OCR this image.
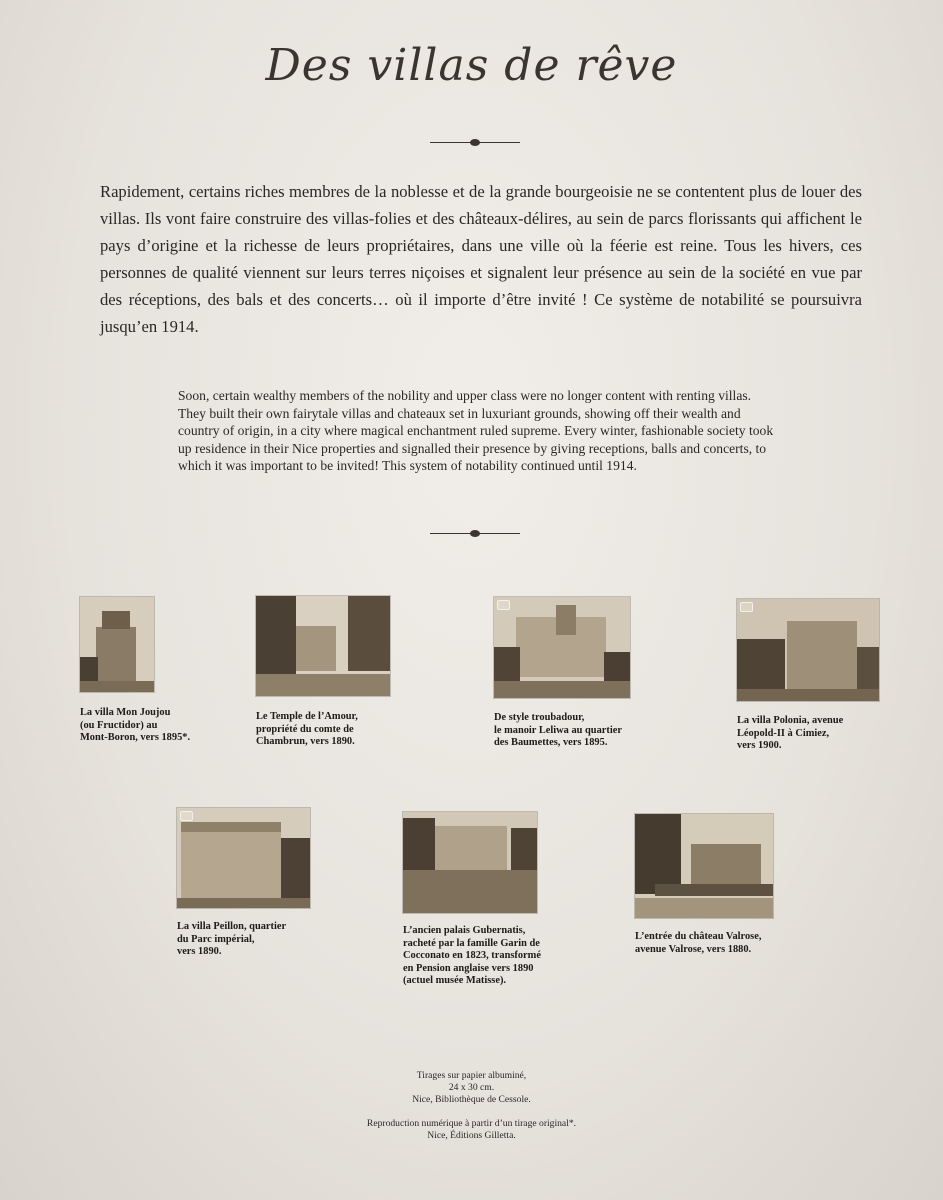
Des villas de rêve
Rapidement, certains riches membres de la noblesse et de la grande bourgeoisie ne se contentent plus de louer des villas. Ils vont faire construire des villas-folies et des châteaux-délires, au sein de parcs florissants qui affichent le pays d’origine et la richesse de leurs propriétaires, dans une ville où la féerie est reine. Tous les hivers, ces personnes de qualité viennent sur leurs terres niçoises et signalent leur présence au sein de la société en vue par des réceptions, des bals et des concerts… où il importe d’être invité ! Ce système de notabilité se poursuivra jusqu’en 1914.
Soon, certain wealthy members of the nobility and upper class were no longer content with renting villas. They built their own fairytale villas and chateaux set in luxuriant grounds, showing off their wealth and country of origin, in a city where magical enchantment ruled supreme. Every winter, fashionable society took up residence in their Nice properties and signalled their presence by giving receptions, balls and concerts, to which it was important to be invited! This system of notability continued until 1914.
La villa Mon Joujou
(ou Fructidor) au
Mont-Boron, vers 1895*.
Le Temple de l’Amour,
propriété du comte de
Chambrun, vers 1890.
De style troubadour,
le manoir Leliwa au quartier
des Baumettes, vers 1895.
La villa Polonia, avenue
Léopold-II à Cimiez,
vers 1900.
La villa Peillon, quartier
du Parc impérial,
vers 1890.
L’ancien palais Gubernatis,
racheté par la famille Garin de
Cocconato en 1823, transformé
en Pension anglaise vers 1890
(actuel musée Matisse).
L’entrée du château Valrose,
avenue Valrose, vers 1880.
Tirages sur papier albuminé,
24 x 30 cm.
Nice, Bibliothèque de Cessole.
Reproduction numérique à partir d’un tirage original*.
Nice, Éditions Gilletta.
